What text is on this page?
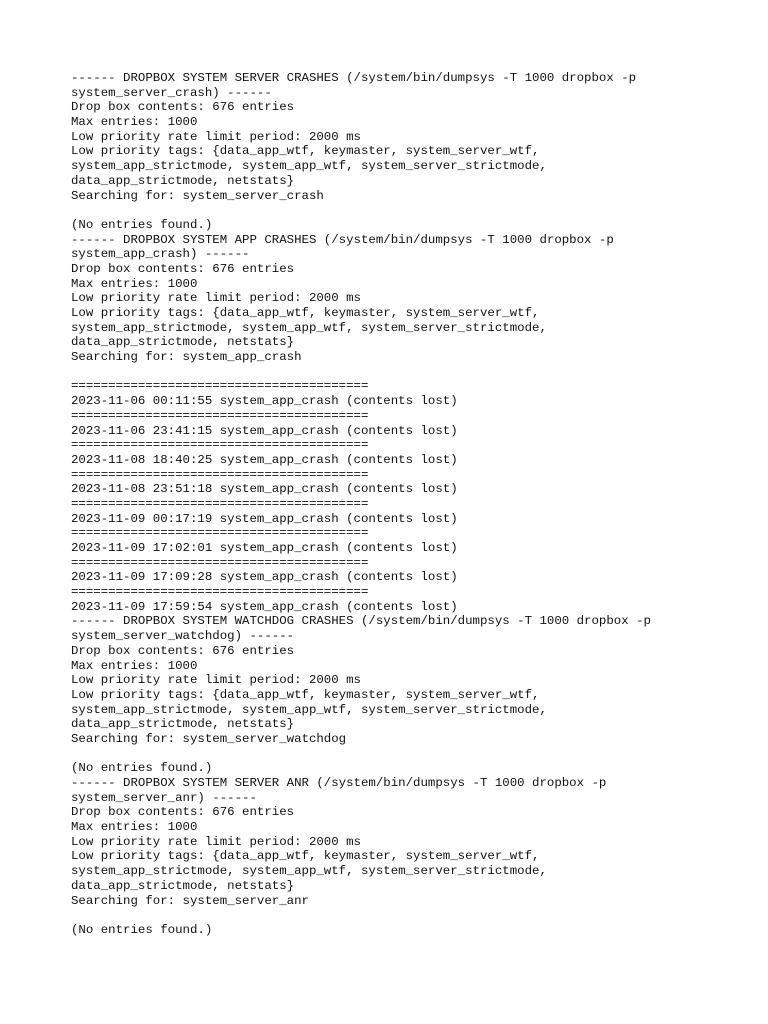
------ DROPBOX SYSTEM SERVER CRASHES (/system/bin/dumpsys -T 1000 dropbox -p
system_server_crash) ------
Drop box contents: 676 entries
Max entries: 1000
Low priority rate limit period: 2000 ms
Low priority tags: {data_app_wtf, keymaster, system_server_wtf,
system_app_strictmode, system_app_wtf, system_server_strictmode,
data_app_strictmode, netstats}
Searching for: system_server_crash
(No entries found.)
------ DROPBOX SYSTEM APP CRASHES (/system/bin/dumpsys -T 1000 dropbox -p
system_app_crash) ------
Drop box contents: 676 entries
Max entries: 1000
Low priority rate limit period: 2000 ms
Low priority tags: {data_app_wtf, keymaster, system_server_wtf,
system_app_strictmode, system_app_wtf, system_server_strictmode,
data_app_strictmode, netstats}
Searching for: system_app_crash
========================================
2023-11-06 00:11:55 system_app_crash (contents lost)
========================================
2023-11-06 23:41:15 system_app_crash (contents lost)
========================================
2023-11-08 18:40:25 system_app_crash (contents lost)
========================================
2023-11-08 23:51:18 system_app_crash (contents lost)
========================================
2023-11-09 00:17:19 system_app_crash (contents lost)
========================================
2023-11-09 17:02:01 system_app_crash (contents lost)
========================================
2023-11-09 17:09:28 system_app_crash (contents lost)
========================================
2023-11-09 17:59:54 system_app_crash (contents lost)
------ DROPBOX SYSTEM WATCHDOG CRASHES (/system/bin/dumpsys -T 1000 dropbox -p
system_server_watchdog) ------
Drop box contents: 676 entries
Max entries: 1000
Low priority rate limit period: 2000 ms
Low priority tags: {data_app_wtf, keymaster, system_server_wtf,
system_app_strictmode, system_app_wtf, system_server_strictmode,
data_app_strictmode, netstats}
Searching for: system_server_watchdog
(No entries found.)
------ DROPBOX SYSTEM SERVER ANR (/system/bin/dumpsys -T 1000 dropbox -p
system_server_anr) ------
Drop box contents: 676 entries
Max entries: 1000
Low priority rate limit period: 2000 ms
Low priority tags: {data_app_wtf, keymaster, system_server_wtf,
system_app_strictmode, system_app_wtf, system_server_strictmode,
data_app_strictmode, netstats}
Searching for: system_server_anr
(No entries found.)
